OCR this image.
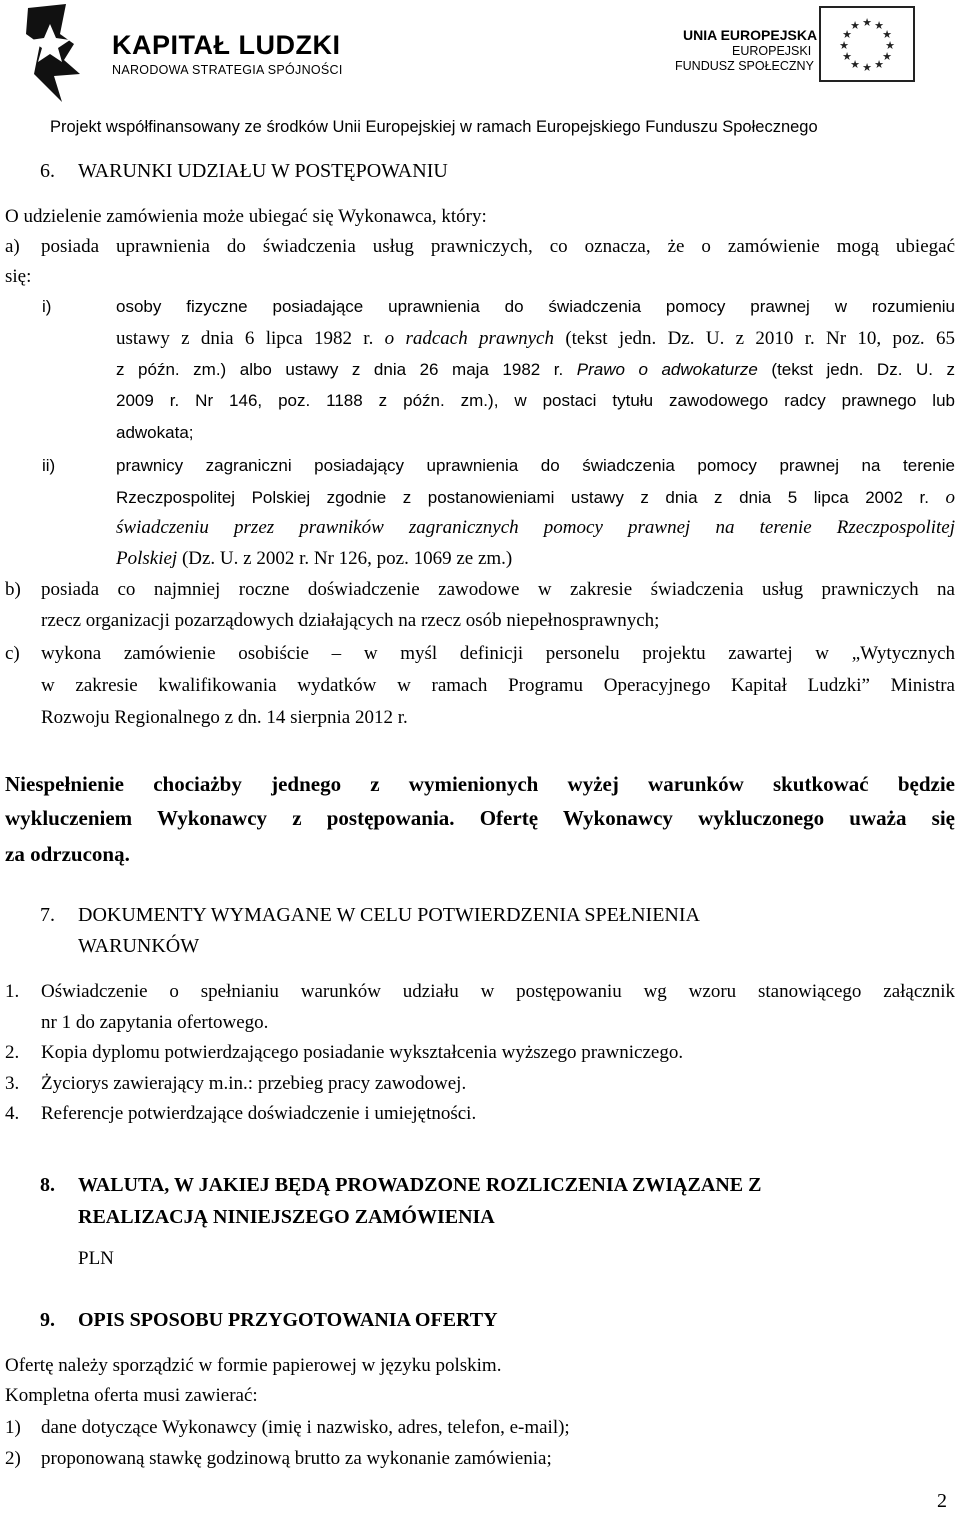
KAPITAŁ LUDZKI
NARODOWA STRATEGIA SPÓJNOŚCI
UNIA EUROPEJSKA
EUROPEJSKI
FUNDUSZ SPOŁECZNY
★ ★
★
★
★
★
★
★
★
★
★
★
Projekt współfinansowany ze środków Unii Europejskiej w ramach Europejskiego Funduszu Społecznego
6. WARUNKI UDZIAŁU W POSTĘPOWANIU
O udzielenie zamówienia może ubiegać się Wykonawca, który:
a) posiada uprawnienia do świadczenia usług prawniczych, co oznacza, że o zamówienie mogą ubiegać
się:
i)	osoby fizyczne posiadające uprawnienia do świadczenia pomocy prawnej w rozumieniu
ustawy z dnia 6 lipca 1982 r. o radcach prawnych (tekst jedn. Dz. U. z 2010 r. Nr 10, poz. 65
z późn. zm.) albo ustawy z dnia 26 maja 1982 r. Prawo o adwokaturze (tekst jedn. Dz. U. z
2009 r. Nr 146, poz. 1188 z późn. zm.), w postaci tytułu zawodowego radcy prawnego lub
adwokata;
ii)	prawnicy zagraniczni posiadający uprawnienia do świadczenia pomocy prawnej na terenie
Rzeczpospolitej Polskiej zgodnie z postanowieniami ustawy z dnia z dnia 5 lipca 2002 r. o
świadczeniu przez prawników zagranicznych pomocy prawnej na terenie Rzeczpospolitej
Polskiej (Dz. U. z 2002 r. Nr 126, poz. 1069 ze zm.)
b) posiada co najmniej roczne doświadczenie zawodowe w zakresie świadczenia usług prawniczych na
rzecz organizacji pozarządowych działających na rzecz osób niepełnosprawnych;
c) wykona zamówienie osobiście – w myśl definicji personelu projektu zawartej w „Wytycznych
w zakresie kwalifikowania wydatków w ramach Programu Operacyjnego Kapitał Ludzki” Ministra
Rozwoju Regionalnego z dn. 14 sierpnia 2012 r.
Niespełnienie chociażby jednego z wymienionych wyżej warunków skutkować będzie
wykluczeniem Wykonawcy z postępowania. Ofertę Wykonawcy wykluczonego uważa się
za odrzuconą.
7. DOKUMENTY WYMAGANE W CELU POTWIERDZENIA SPEŁNIENIA
WARUNKÓW
1. Oświadczenie o spełnianiu warunków udziału w postępowaniu wg wzoru stanowiącego załącznik
nr 1 do zapytania ofertowego.
2. Kopia dyplomu potwierdzającego posiadanie wykształcenia wyższego prawniczego.
3. Życiorys zawierający m.in.: przebieg pracy zawodowej.
4. Referencje potwierdzające doświadczenie i umiejętności.
8. WALUTA, W JAKIEJ BĘDĄ PROWADZONE ROZLICZENIA ZWIĄZANE Z
REALIZACJĄ NINIEJSZEGO ZAMÓWIENIA
PLN
9. OPIS SPOSOBU PRZYGOTOWANIA OFERTY
Ofertę należy sporządzić w formie papierowej w języku polskim.
Kompletna oferta musi zawierać:
1) dane dotyczące Wykonawcy (imię i nazwisko, adres, telefon, e-mail);
2) proponowaną stawkę godzinową brutto za wykonanie zamówienia;
2
